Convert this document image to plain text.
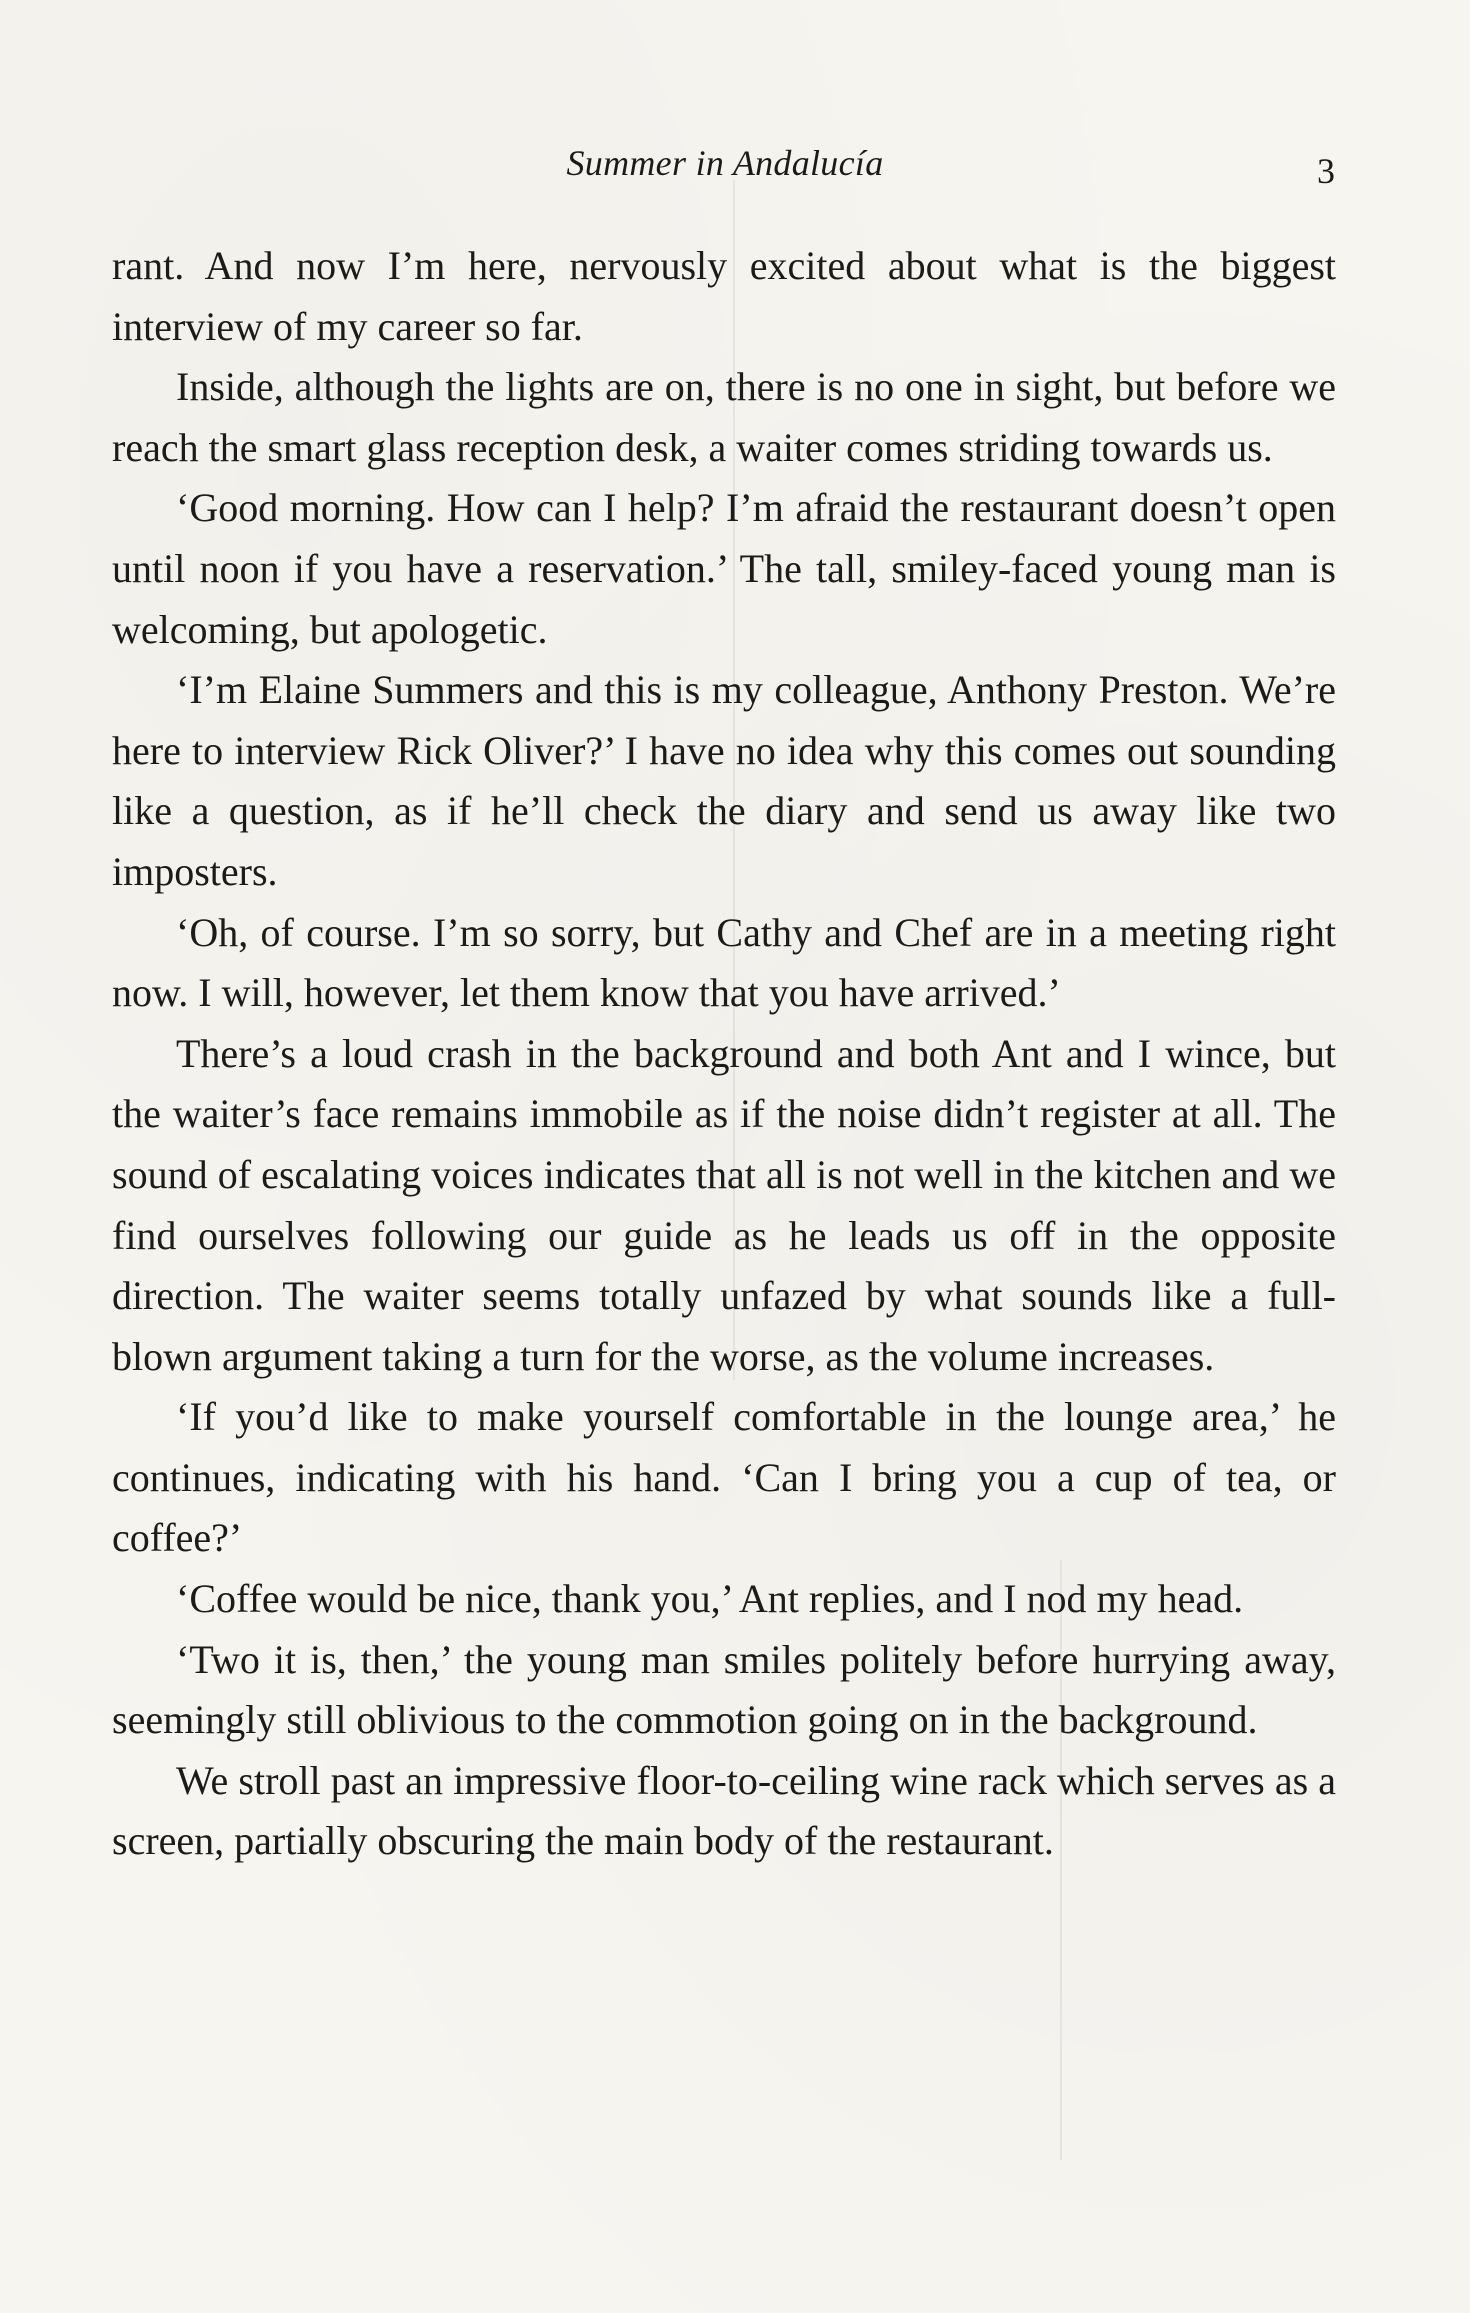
Summer in Andalucía	3

rant. And now I’m here, nervously excited about what is the biggest interview of my career so far.

Inside, although the lights are on, there is no one in sight, but before we reach the smart glass reception desk, a waiter comes striding towards us.

‘Good morning. How can I help? I’m afraid the restaurant doesn’t open until noon if you have a reservation.’ The tall, smiley-faced young man is welcoming, but apologetic.

‘I’m Elaine Summers and this is my colleague, Anthony Preston. We’re here to interview Rick Oliver?’ I have no idea why this comes out sounding like a question, as if he’ll check the diary and send us away like two imposters.

‘Oh, of course. I’m so sorry, but Cathy and Chef are in a meeting right now. I will, however, let them know that you have arrived.’

There’s a loud crash in the background and both Ant and I wince, but the waiter’s face remains immobile as if the noise didn’t register at all. The sound of escalating voices indicates that all is not well in the kitchen and we find ourselves following our guide as he leads us off in the opposite direction. The waiter seems totally unfazed by what sounds like a full-blown argument taking a turn for the worse, as the volume increases.

‘If you’d like to make yourself comfortable in the lounge area,’ he continues, indicating with his hand. ‘Can I bring you a cup of tea, or coffee?’

‘Coffee would be nice, thank you,’ Ant replies, and I nod my head.

‘Two it is, then,’ the young man smiles politely before hurrying away, seemingly still oblivious to the commotion going on in the background.

We stroll past an impressive floor-to-ceiling wine rack which serves as a screen, partially obscuring the main body of the restaurant.
